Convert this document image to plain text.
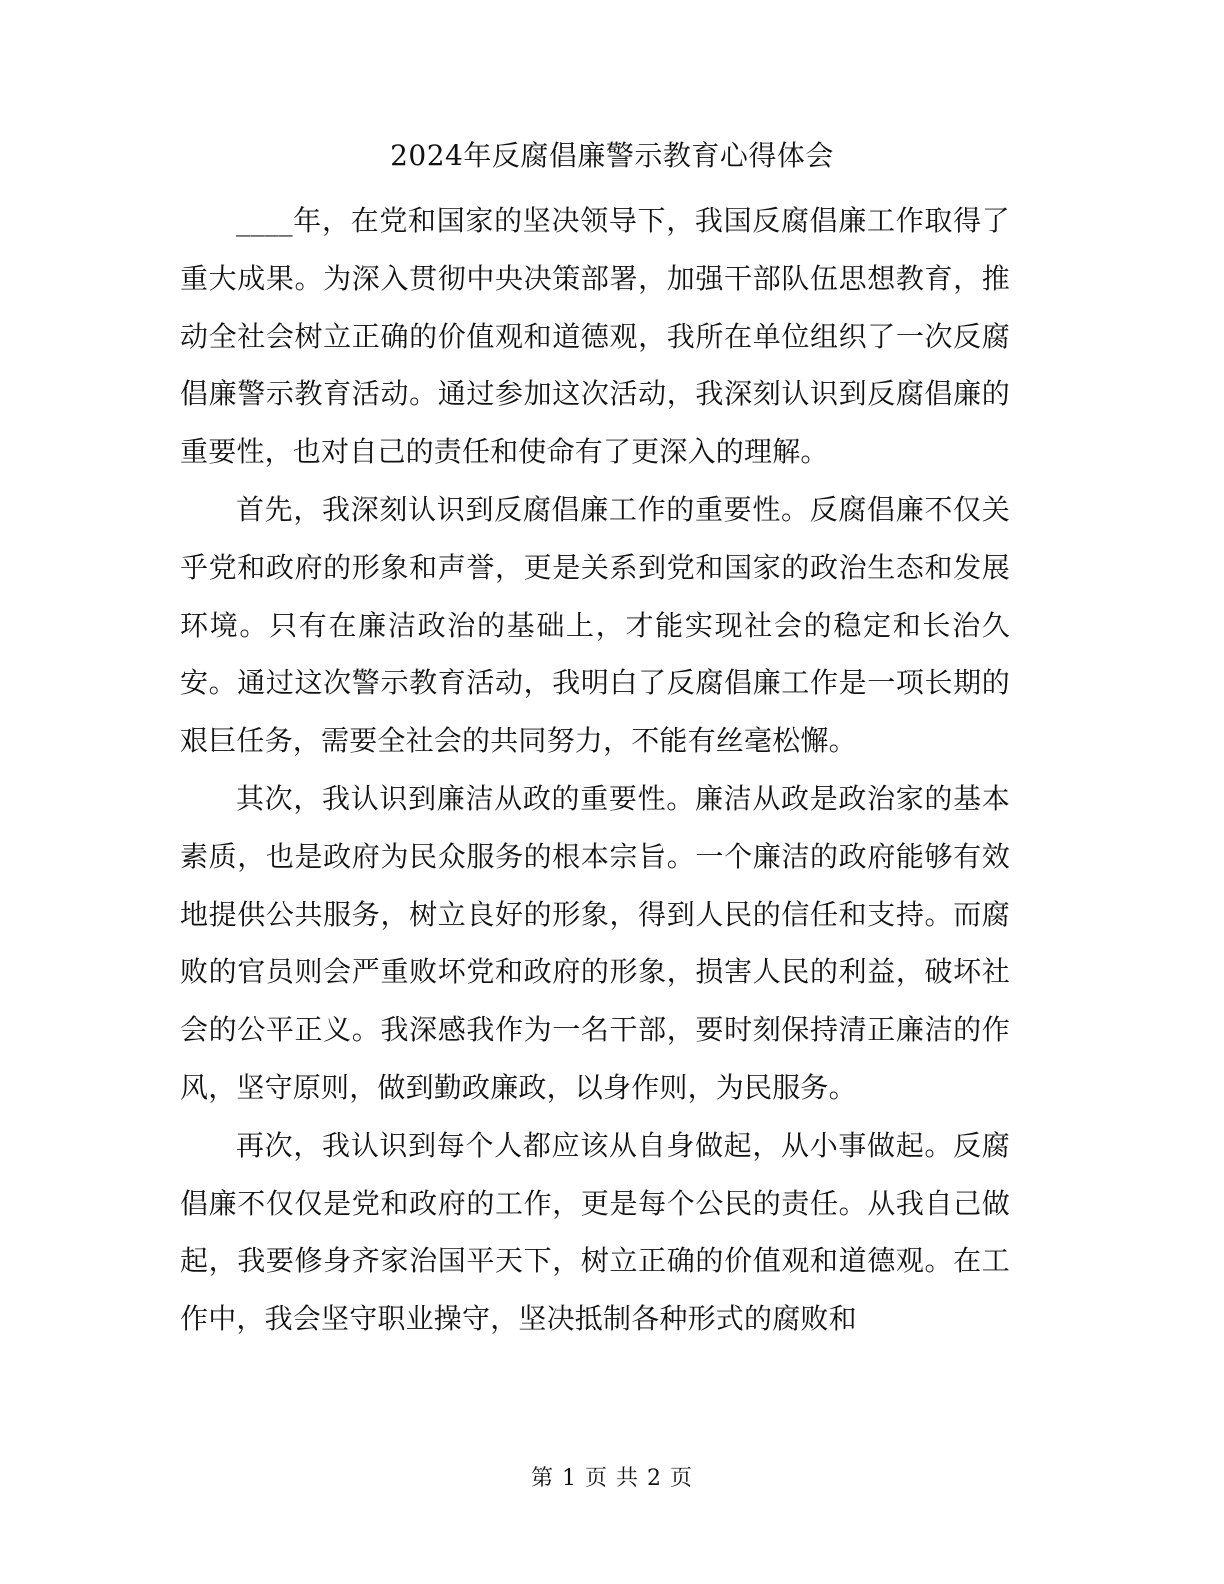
2024年反腐倡廉警示教育心得体会

____年，在党和国家的坚决领导下，我国反腐倡廉工作取得了重大成果。为深入贯彻中央决策部署，加强干部队伍思想教育，推动全社会树立正确的价值观和道德观，我所在单位组织了一次反腐倡廉警示教育活动。通过参加这次活动，我深刻认识到反腐倡廉的重要性，也对自己的责任和使命有了更深入的理解。

首先，我深刻认识到反腐倡廉工作的重要性。反腐倡廉不仅关乎党和政府的形象和声誉，更是关系到党和国家的政治生态和发展环境。只有在廉洁政治的基础上，才能实现社会的稳定和长治久安。通过这次警示教育活动，我明白了反腐倡廉工作是一项长期的艰巨任务，需要全社会的共同努力，不能有丝毫松懈。

其次，我认识到廉洁从政的重要性。廉洁从政是政治家的基本素质，也是政府为民众服务的根本宗旨。一个廉洁的政府能够有效地提供公共服务，树立良好的形象，得到人民的信任和支持。而腐败的官员则会严重败坏党和政府的形象，损害人民的利益，破坏社会的公平正义。我深感我作为一名干部，要时刻保持清正廉洁的作风，坚守原则，做到勤政廉政，以身作则，为民服务。

再次，我认识到每个人都应该从自身做起，从小事做起。反腐倡廉不仅仅是党和政府的工作，更是每个公民的责任。从我自己做起，我要修身齐家治国平天下，树立正确的价值观和道德观。在工作中，我会坚守职业操守，坚决抵制各种形式的腐败和

第 1 页 共 2 页
